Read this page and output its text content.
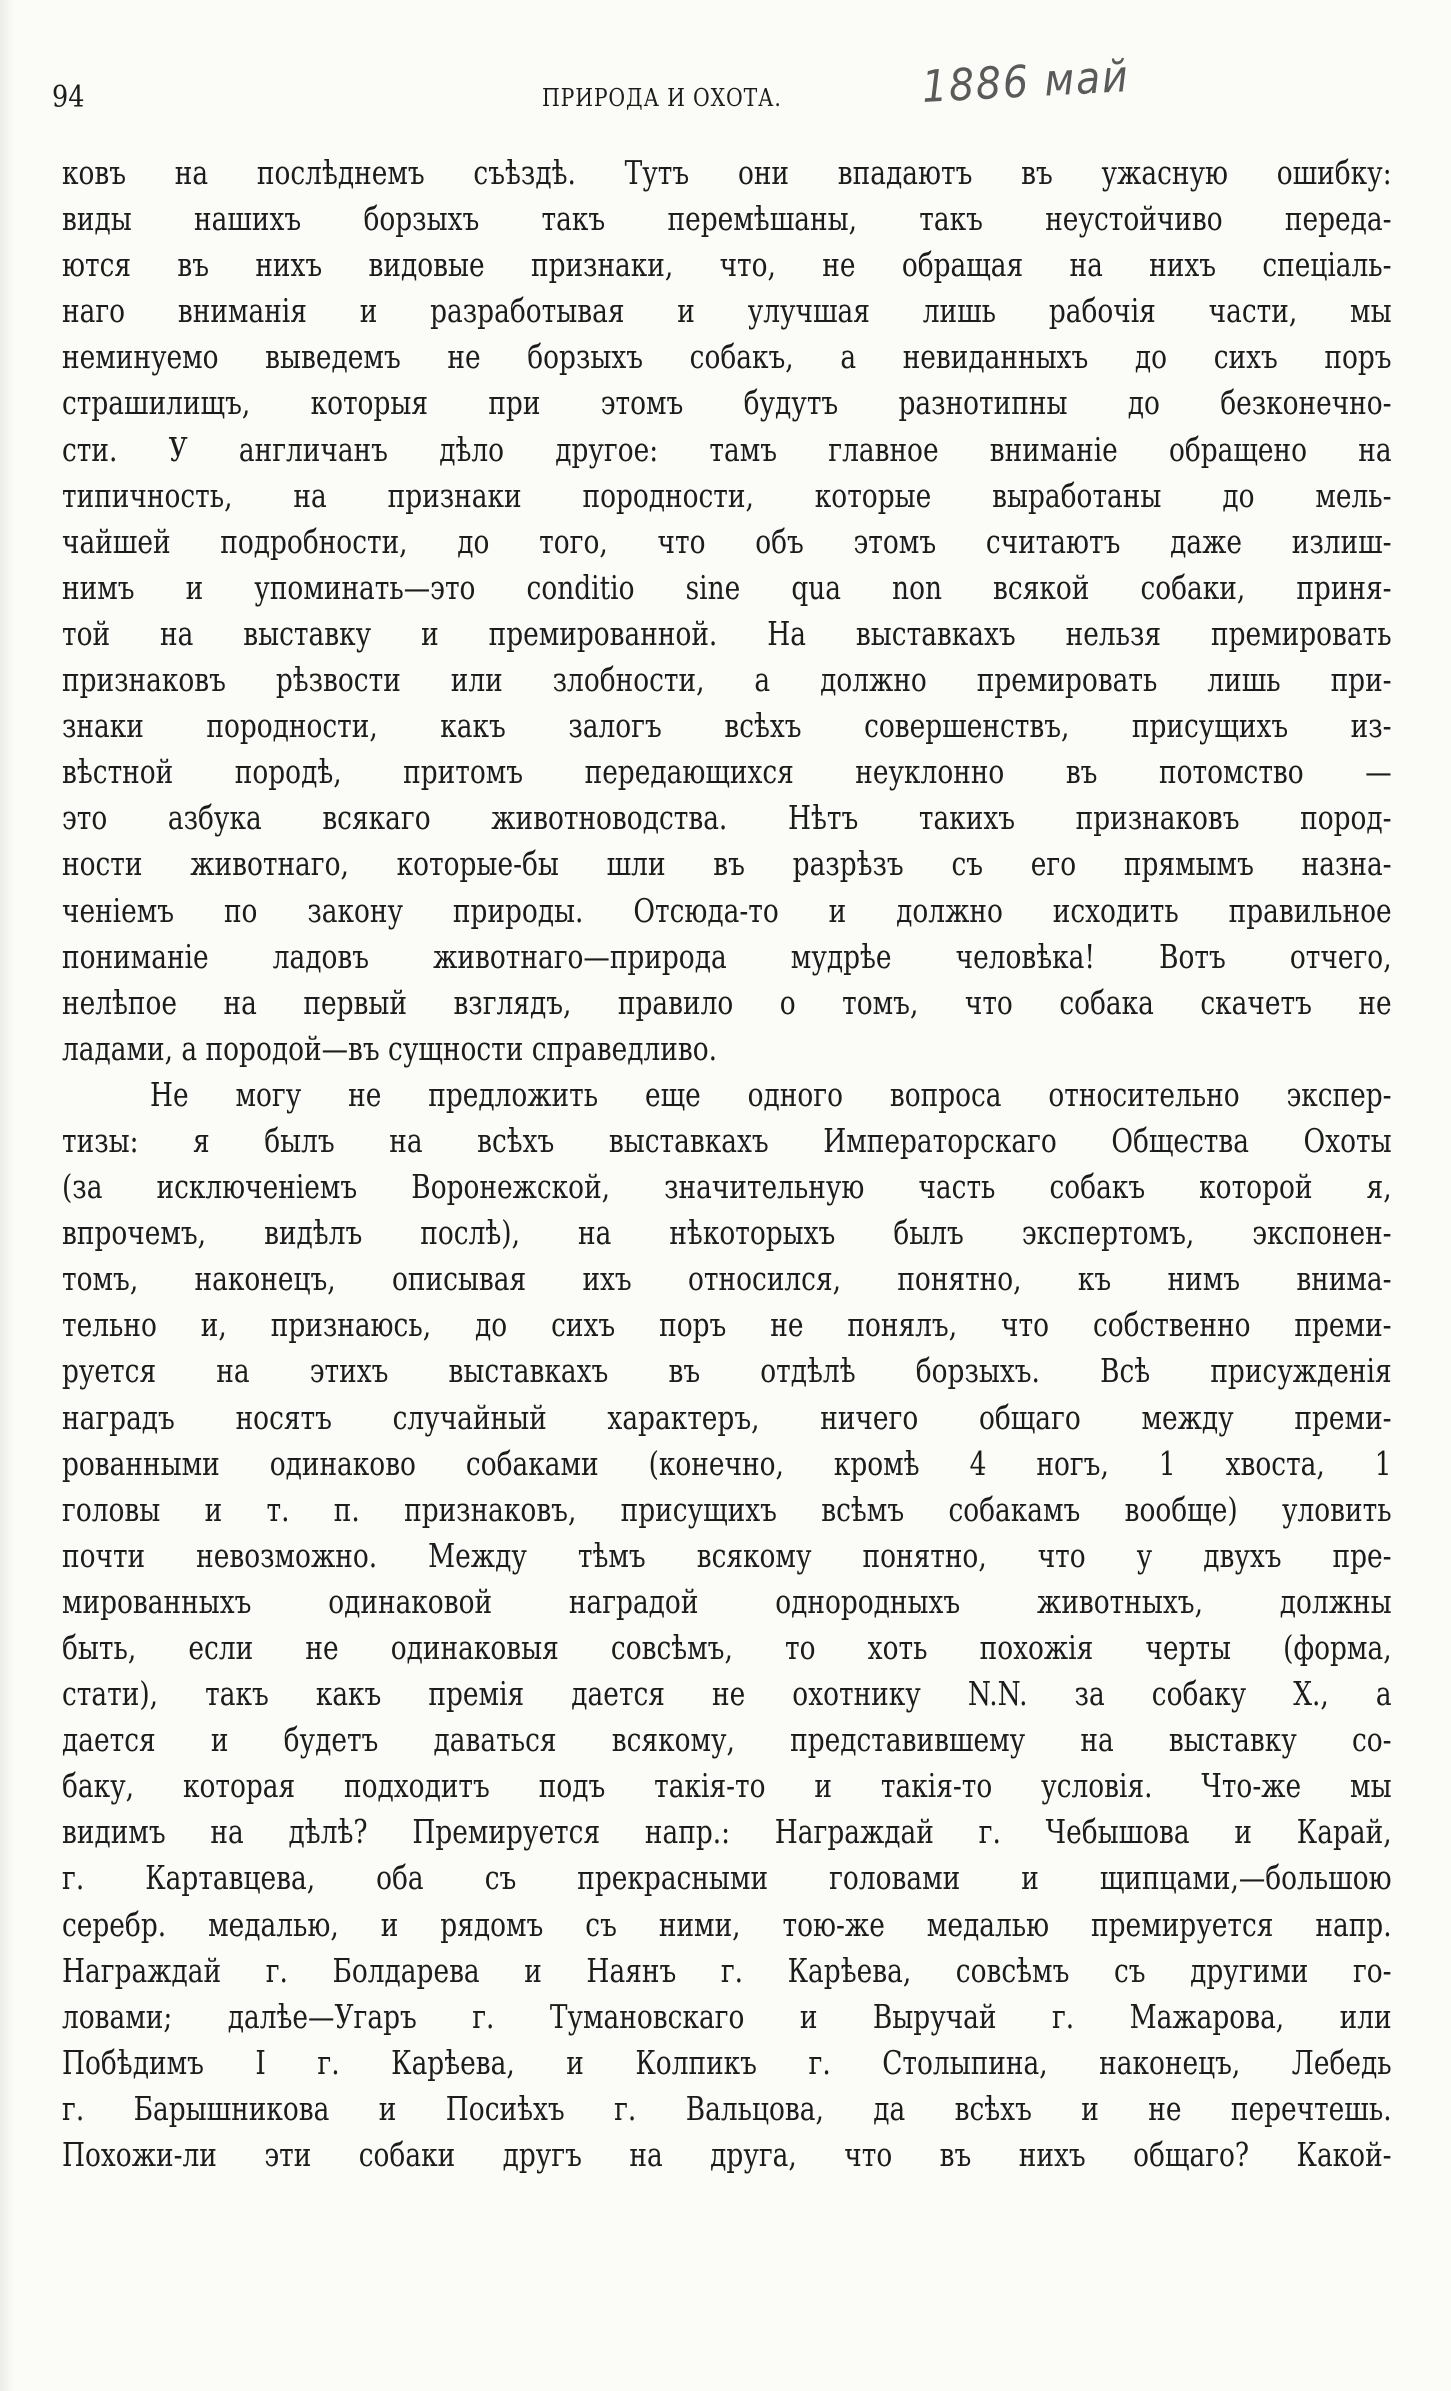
94	ПРИРОДА И ОХОТА.	1886 май
ковъ на послѣднемъ съѣздѣ. Тутъ они впадаютъ въ ужасную ошибку:
виды нашихъ борзыхъ такъ перемѣшаны, такъ неустойчиво переда-
ются въ нихъ видовые признаки, что, не обращая на нихъ спеціаль-
наго вниманія и разработывая и улучшая лишь рабочія части, мы
неминуемо выведемъ не борзыхъ собакъ, а невиданныхъ до сихъ поръ
страшилищъ, которыя при этомъ будутъ разнотипны до безконечно-
сти. У англичанъ дѣло другое: тамъ главное вниманіе обращено на
типичность, на признаки породности, которые выработаны до мель-
чайшей подробности, до того, что объ этомъ считаютъ даже излиш-
нимъ и упоминать—это conditio sine qua non всякой собаки, приня-
той на выставку и премированной. На выставкахъ нельзя премировать
признаковъ рѣзвости или злобности, а должно премировать лишь при-
знаки породности, какъ залогъ всѣхъ совершенствъ, присущихъ из-
вѣстной породѣ, притомъ передающихся неуклонно въ потомство —
это азбука всякаго животноводства. Нѣтъ такихъ признаковъ пород-
ности животнаго, которые-бы шли въ разрѣзъ съ его прямымъ назна-
ченіемъ по закону природы. Отсюда-то и должно исходить правильное
пониманіе ладовъ животнаго—природа мудрѣе человѣка! Вотъ отчего,
нелѣпое на первый взглядъ, правило о томъ, что собака скачетъ не
ладами, а породой—въ сущности справедливо.
Не могу не предложить еще одного вопроса относительно экспер-
тизы: я былъ на всѣхъ выставкахъ Императорскаго Общества Охоты
(за исключеніемъ Воронежской, значительную часть собакъ которой я,
впрочемъ, видѣлъ послѣ), на нѣкоторыхъ былъ экспертомъ, экспонен-
томъ, наконецъ, описывая ихъ относился, понятно, къ нимъ внима-
тельно и, признаюсь, до сихъ поръ не понялъ, что собственно преми-
руется на этихъ выставкахъ въ отдѣлѣ борзыхъ. Всѣ присужденія
наградъ носятъ случайный характеръ, ничего общаго между преми-
рованными одинаково собаками (конечно, кромѣ 4 ногъ, 1 хвоста, 1
головы и т. п. признаковъ, присущихъ всѣмъ собакамъ вообще) уловить
почти невозможно. Между тѣмъ всякому понятно, что у двухъ пре-
мированныхъ одинаковой наградой однородныхъ животныхъ, должны
быть, если не одинаковыя совсѣмъ, то хоть похожія черты (форма,
стати), такъ какъ премія дается не охотнику N.N. за собаку X., а
дается и будетъ даваться всякому, представившему на выставку со-
баку, которая подходитъ подъ такія-то и такія-то условія. Что-же мы
видимъ на дѣлѣ? Премируется напр.: Награждай г. Чебышова и Карай,
г. Картавцева, оба съ прекрасными головами и щипцами,—большою
серебр. медалью, и рядомъ съ ними, тою-же медалью премируется напр.
Награждай г. Болдарева и Наянъ г. Карѣева, совсѣмъ съ другими го-
ловами; далѣе—Угаръ г. Тумановскаго и Выручай г. Мажарова, или
Побѣдимъ I г. Карѣева, и Колпикъ г. Столыпина, наконецъ, Лебедь
г. Барышникова и Посиѣхъ г. Вальцова, да всѣхъ и не перечтешь.
Похожи-ли эти собаки другъ на друга, что въ нихъ общаго? Какой-
